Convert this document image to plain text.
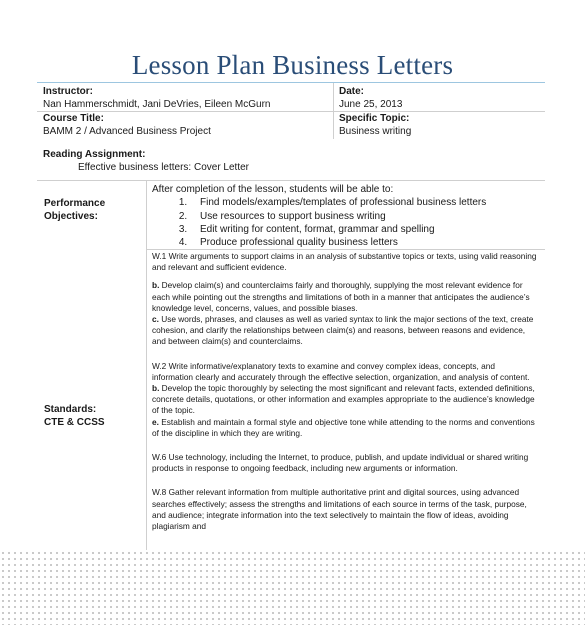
Lesson Plan Business Letters
Instructor:
Nan Hammerschmidt, Jani DeVries, Eileen McGurn
Date:
June 25, 2013
Course Title:
BAMM 2 / Advanced Business Project
Specific Topic:
Business writing
Reading Assignment:
Effective business letters: Cover Letter
Performance
Objectives:
After completion of the lesson, students will be able to:
1. Find models/examples/templates of professional business letters
2. Use resources to support business writing
3. Edit writing for content, format, grammar and spelling
4. Produce professional quality business letters
Standards:
CTE & CCSS

W.1 Write arguments to support claims in an analysis of substantive topics or texts, using valid reasoning and relevant and sufficient evidence.

b. Develop claim(s) and counterclaims fairly and thoroughly, supplying the most relevant evidence for each while pointing out the strengths and limitations of both in a manner that anticipates the audience’s knowledge level, concerns, values, and possible biases.

c. Use words, phrases, and clauses as well as varied syntax to link the major sections of the text, create cohesion, and clarify the relationships between claim(s) and reasons, between reasons and evidence, and between claim(s) and counterclaims.

W.2 Write informative/explanatory texts to examine and convey complex ideas, concepts, and information clearly and accurately through the effective selection, organization, and analysis of content.

b. Develop the topic thoroughly by selecting the most significant and relevant facts, extended definitions, concrete details, quotations, or other information and examples appropriate to the audience’s knowledge of the topic.

e. Establish and maintain a formal style and objective tone while attending to the norms and conventions of the discipline in which they are writing.

W.6 Use technology, including the Internet, to produce, publish, and update individual or shared writing products in response to ongoing feedback, including new arguments or information.

W.8 Gather relevant information from multiple authoritative print and digital sources, using advanced searches effectively; assess the strengths and limitations of each source in terms of the task, purpose, and audience; integrate information into the text selectively to maintain the flow of ideas, avoiding plagiarism and
